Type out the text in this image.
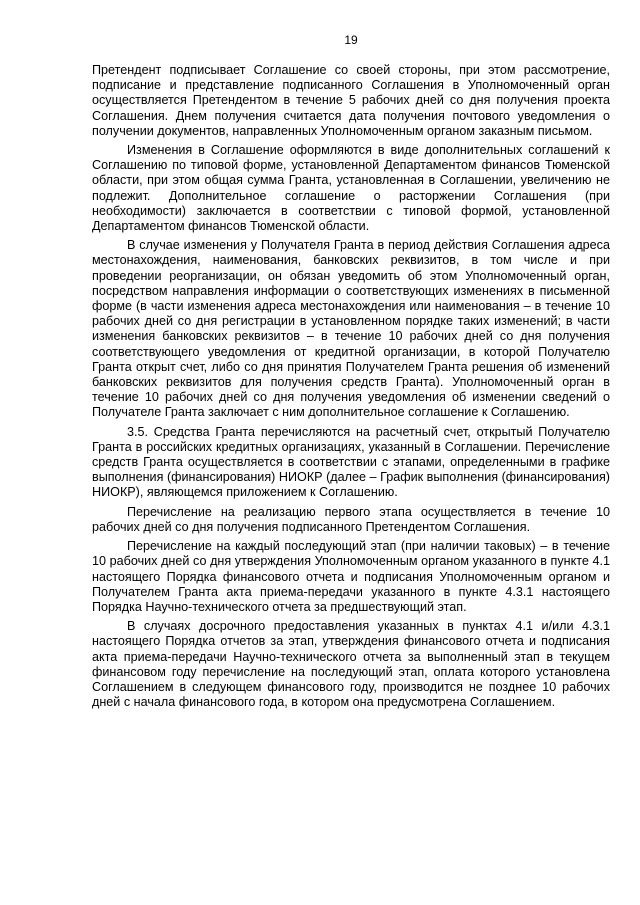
19

Претендент подписывает Соглашение со своей стороны, при этом рассмотрение, подписание и представление подписанного Соглашения в Уполномоченный орган осуществляется Претендентом в течение 5 рабочих дней со дня получения проекта Соглашения. Днем получения считается дата получения почтового уведомления о получении документов, направленных Уполномоченным органом заказным письмом.

Изменения в Соглашение оформляются в виде дополнительных соглашений к Соглашению по типовой форме, установленной Департаментом финансов Тюменской области, при этом общая сумма Гранта, установленная в Соглашении, увеличению не подлежит. Дополнительное соглашение о расторжении Соглашения (при необходимости) заключается в соответствии с типовой формой, установленной Департаментом финансов Тюменской области.

В случае изменения у Получателя Гранта в период действия Соглашения адреса местонахождения, наименования, банковских реквизитов, в том числе и при проведении реорганизации, он обязан уведомить об этом Уполномоченный орган, посредством направления информации о соответствующих изменениях в письменной форме (в части изменения адреса местонахождения или наименования – в течение 10 рабочих дней со дня регистрации в установленном порядке таких изменений; в части изменения банковских реквизитов – в течение 10 рабочих дней со дня получения соответствующего уведомления от кредитной организации, в которой Получателю Гранта открыт счет, либо со дня принятия Получателем Гранта решения об изменений банковских реквизитов для получения средств Гранта). Уполномоченный орган в течение 10 рабочих дней со дня получения уведомления об изменении сведений о Получателе Гранта заключает с ним дополнительное соглашение к Соглашению.

3.5. Средства Гранта перечисляются на расчетный счет, открытый Получателю Гранта в российских кредитных организациях, указанный в Соглашении. Перечисление средств Гранта осуществляется в соответствии с этапами, определенными в графике выполнения (финансирования) НИОКР (далее – График выполнения (финансирования) НИОКР), являющемся приложением к Соглашению.

Перечисление на реализацию первого этапа осуществляется в течение 10 рабочих дней со дня получения подписанного Претендентом Соглашения.

Перечисление на каждый последующий этап (при наличии таковых) – в течение 10 рабочих дней со дня утверждения Уполномоченным органом указанного в пункте 4.1 настоящего Порядка финансового отчета и подписания Уполномоченным органом и Получателем Гранта акта приема-передачи указанного в пункте 4.3.1 настоящего Порядка Научно-технического отчета за предшествующий этап.

В случаях досрочного предоставления указанных в пунктах 4.1 и/или 4.3.1 настоящего Порядка отчетов за этап, утверждения финансового отчета и подписания акта приема-передачи Научно-технического отчета за выполненный этап в текущем финансовом году перечисление на последующий этап, оплата которого установлена Соглашением в следующем финансового году, производится не позднее 10 рабочих дней с начала финансового года, в котором она предусмотрена Соглашением.
